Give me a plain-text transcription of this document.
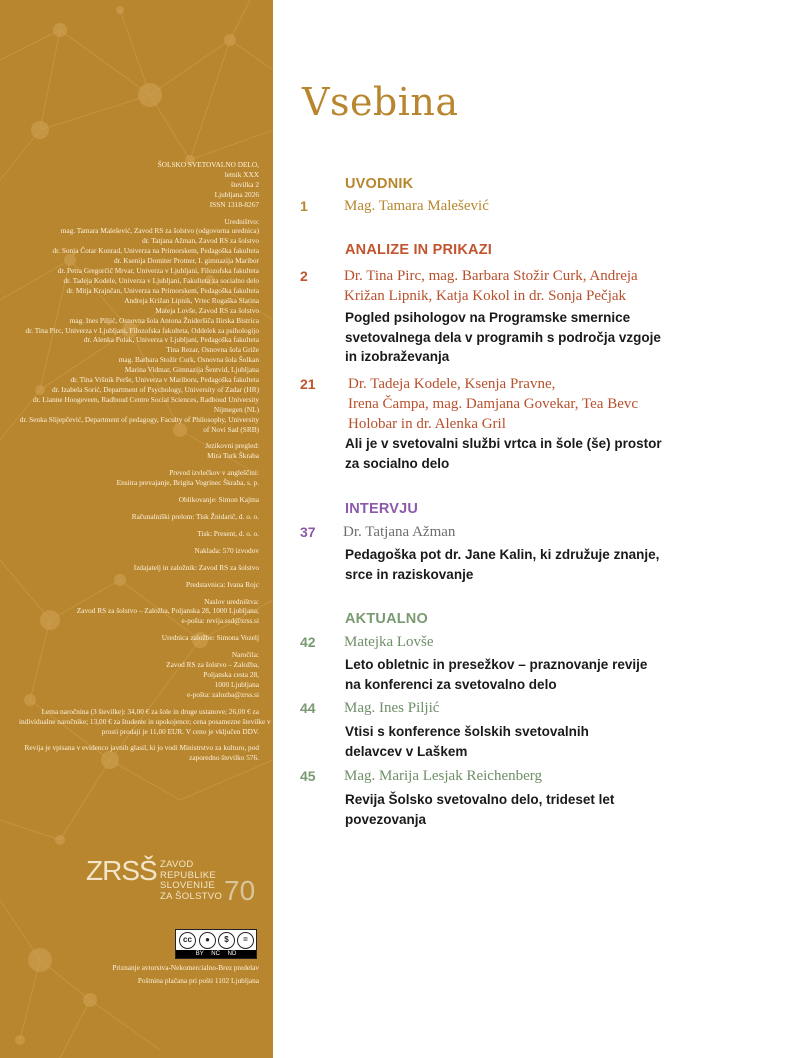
ŠOLSKO SVETOVALNO DELO,
letnik XXX
številka 2
Ljubljana 2026
ISSN 1318-8267
Uredništvo:
mag. Tamara Malešević, Zavod RS za šolstvo (odgovorna urednica)
dr. Tatjana Ažman, Zavod RS za šolstvo
dr. Sonja Čotar Konrad, Univerza na Primorskem, Pedagoška fakulteta
dr. Ksenija Domiter Protner, I. gimnazija Maribor
dr. Petra Gregorčič Mrvar, Univerza v Ljubljani, Filozofska fakulteta
dr. Tadeja Kodele, Univerza v Ljubljani, Fakulteta za socialno delo
dr. Mitja Krajnčan, Univerza na Primorskem, Pedagoška fakulteta
Andreja Križan Lipnik, Vrtec Rogaška Slatina
Mateja Lovše, Zavod RS za šolstvo
mag. Ines Piljić, Osnovna šola Antona Žnideršiča Ilirska Bistrica
dr. Tina Pirc, Univerza v Ljubljani, Filozofska fakulteta, Oddelek za psihologijo
dr. Alenka Polak, Univerza v Ljubljani, Pedagoška fakulteta
Tina Rezar, Osnovna šola Griže
mag. Barbara Stožir Curk, Osnovna šola Šolkan
Marina Vidmar, Gimnazija Šentvid, Ljubljana
dr. Tina Vršnik Perše, Univerza v Mariboru, Pedagoška fakulteta
dr. Izabela Sorić, Department of Psychology, University of Zadar (HR)
dr. Lianne Hoogeveen, Radboud Centre Social Sciences, Radboud University
Nijmegen (NL)
dr. Senka Slijepčević, Department of pedagogy, Faculty of Philosophy, University
of Novi Sad (SRB)
Jezikovni pregled:
Mira Turk Škraba
Prevod izvlečkov v angleščini:
Ensitra prevajanje, Brigita Vogrinec Škraba, s. p.
Oblikovanje: Simon Kajtna
Računalniški prelom: Tisk Žnidarič, d. o. o.
Tisk: Present, d. o. o.
Naklada: 570 izvodov
Izdajatelj in založnik: Zavod RS za šolstvo
Predstavnica: Ivana Rojc
Naslov uredništva:
Zavod RS za šolstvo – Založba, Poljanska 28, 1000 Ljubljana;
e-pošta: revija.ssd@zrss.si
Urednica založbe: Simona Vozelj
Naročila:
Zavod RS za šolstvo – Založba,
Poljanska cesta 28,
1000 Ljubljana
e-pošta: zalozba@zrss.si
Letna naročnina (3 številke): 34,00 € za šole in druge ustanove; 26,00 € za
individualne naročnike; 13,00 € za študente in upokojence; cena posamezne številke v
prosti prodaji je 11,00 EUR. V ceno je vključen DDV.
Revija je vpisana v evidenco javnih glasil, ki jo vodi Ministrstvo za kulturo, pod
zaporedno številko 576.
ZRSŠ ZAVOD
REPUBLIKE SLOVENIJE
ZA ŠOLSTVO 70
cc	●	$	=
BY NC ND
Priznanje avtorstva-Nekomercialno-Brez predelav
Poštnina plačana pri pošti 1102 Ljubljana
Vsebina
UVODNIK
1 Mag. Tamara Malešević
ANALIZE IN PRIKAZI
2 Dr. Tina Pirc, mag. Barbara Stožir Curk, Andreja
Križan Lipnik, Katja Kokol in dr. Sonja Pečjak
Pogled psihologov na Programske smernice
svetovalnega dela v programih s področja vzgoje
in izobraževanja
21 Dr. Tadeja Kodele, Ksenja Pravne,
Irena Čampa, mag. Damjana Govekar, Tea Bevc
Holobar in dr. Alenka Gril
Ali je v svetovalni službi vrtca in šole (še) prostor
za socialno delo
INTERVJU
37 Dr. Tatjana Ažman
Pedagoška pot dr. Jane Kalin, ki združuje znanje,
srce in raziskovanje
AKTUALNO
42 Matejka Lovše
Leto obletnic in presežkov – praznovanje revije
na konferenci za svetovalno delo
44 Mag. Ines Piljić
Vtisi s konference šolskih svetovalnih
delavcev v Laškem
45 Mag. Marija Lesjak Reichenberg
Revija Šolsko svetovalno delo, trideset let
povezovanja
